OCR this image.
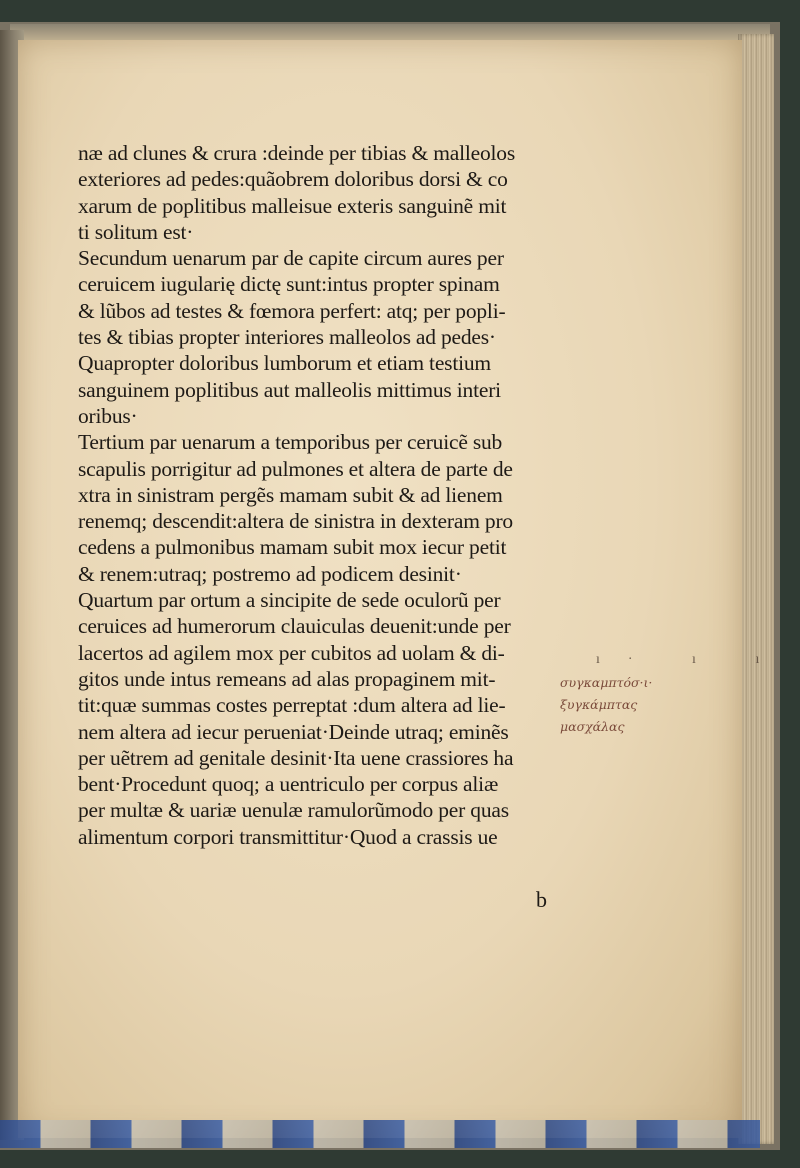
næ ad clunes & crura :deinde per tibias & malleolos
exteriores ad pedes:quãobrem doloribus dorsi & co
xarum de poplitibus malleisue exteris sanguinẽ mit
ti solitum est·
Secundum uenarum par de capite circum aures per
ceruicem iugularię dictę sunt:intus propter spinam
& lũbos ad testes & fœmora perfert: atq; per popli-
tes & tibias propter interiores malleolos ad pedes·
Quapropter doloribus lumborum et etiam testium
sanguinem poplitibus aut malleolis mittimus interi
oribus·
Tertium par uenarum a temporibus per ceruicẽ sub
scapulis porrigitur ad pulmones et altera de parte de
xtra in sinistram pergẽs mamam subit & ad lienem
renemq; descendit:altera de sinistra in dexteram pro
cedens a pulmonibus mamam subit mox iecur petit
& renem:utraq; postremo ad podicem desinit·
Quartum par ortum a sincipite de sede oculorũ per
ceruices ad humerorum clauiculas deuenit:unde per
lacertos ad agilem mox per cubitos ad uolam & di-
gitos unde intus remeans ad alas propaginem mit-
tit:quæ summas costes perreptat :dum altera ad lie-
nem altera ad iecur perueniat·Deinde utraq; eminẽs
per uẽtrem ad genitale desinit·Ita uene crassiores ha
bent·Procedunt quoq; a uentriculo per corpus aliæ
per multæ & uariæ uenulæ ramulorũmodo per quas
alimentum corpori transmittitur·Quod a crassis ue
b
ı· ı ı
συγκαμπτόσ·ι·
ξυγκάμπτας
μασχάλας
